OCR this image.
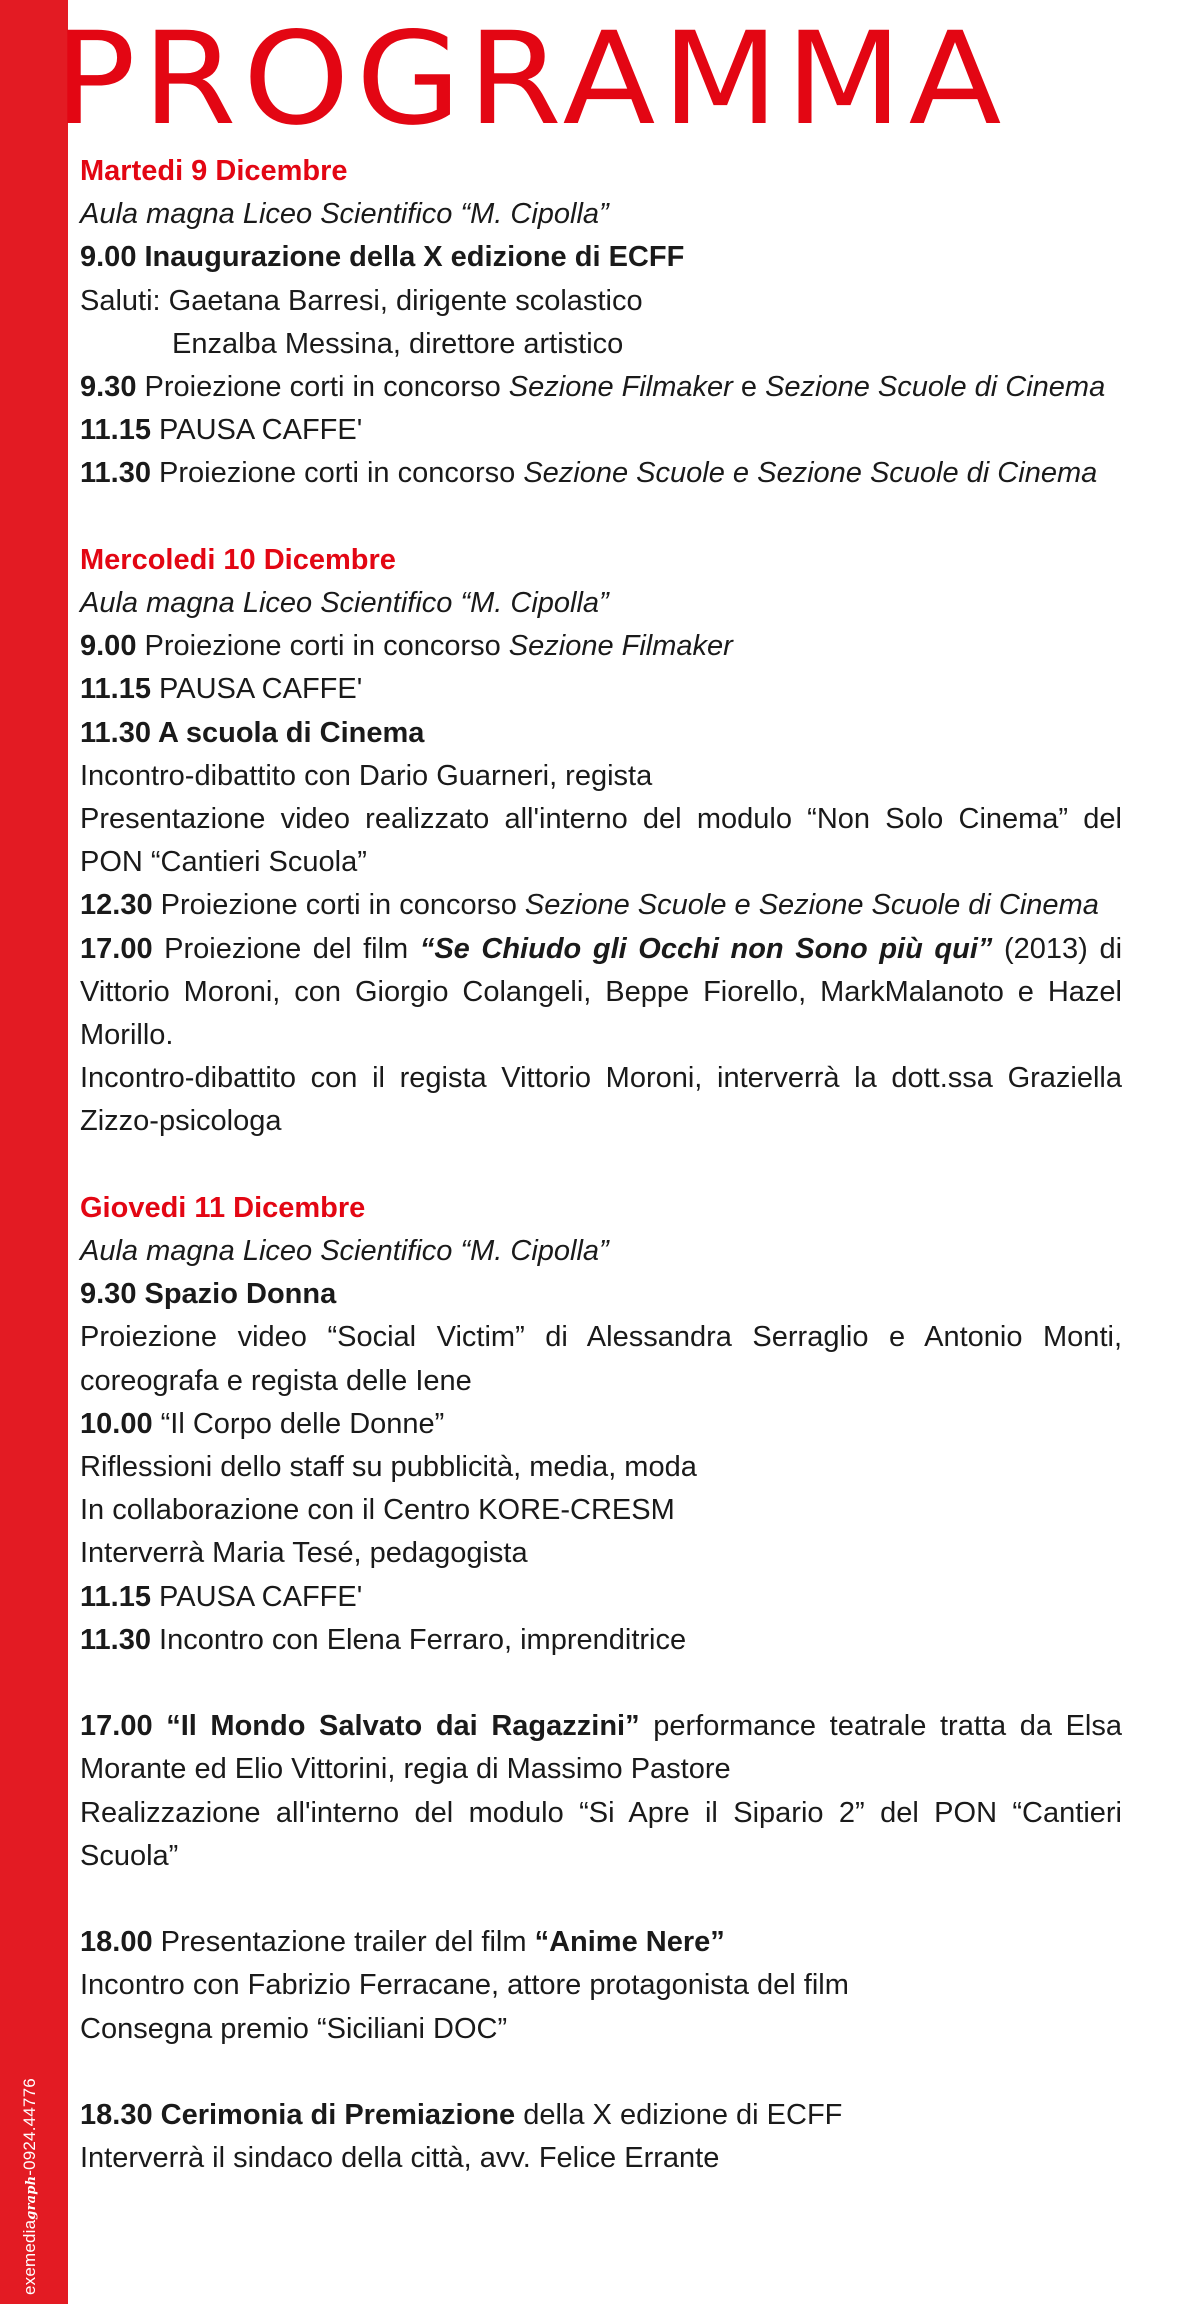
exemediagraph-0924.44776
PROGRAMMA
Martedi 9 Dicembre
Aula magna Liceo Scientifico “M. Cipolla”
9.00 Inaugurazione della X edizione di ECFF
Saluti: Gaetana Barresi, dirigente scolastico
Enzalba Messina, direttore artistico
9.30 Proiezione corti in concorso Sezione Filmaker e Sezione Scuole di Cinema
11.15 PAUSA CAFFE'
11.30 Proiezione corti in concorso Sezione Scuole e Sezione Scuole di Cinema
Mercoledi 10 Dicembre
Aula magna Liceo Scientifico “M. Cipolla”
9.00 Proiezione corti in concorso Sezione Filmaker
11.15 PAUSA CAFFE'
11.30 A scuola di Cinema
Incontro-dibattito con Dario Guarneri, regista
Presentazione video realizzato all'interno del modulo “Non Solo Cinema” del PON “Cantieri Scuola”
12.30 Proiezione corti in concorso Sezione Scuole e Sezione Scuole di Cinema
17.00 Proiezione del film “Se Chiudo gli Occhi non Sono più qui” (2013) di Vittorio Moroni, con Giorgio Colangeli, Beppe Fiorello, MarkMalanoto e Hazel Morillo.
Incontro-dibattito con il regista Vittorio Moroni, interverrà la dott.ssa Graziella Zizzo-psicologa
Giovedi 11 Dicembre
Aula magna Liceo Scientifico “M. Cipolla”
9.30 Spazio Donna
Proiezione video “Social Victim” di Alessandra Serraglio e Antonio Monti, coreografa e regista delle Iene
10.00 “Il Corpo delle Donne”
Riflessioni dello staff su pubblicità, media, moda
In collaborazione con il Centro KORE-CRESM
Interverrà Maria Tesé, pedagogista
11.15 PAUSA CAFFE'
11.30 Incontro con Elena Ferraro, imprenditrice
17.00 “Il Mondo Salvato dai Ragazzini” performance teatrale tratta da Elsa Morante ed Elio Vittorini, regia di Massimo Pastore
Realizzazione all'interno del modulo “Si Apre il Sipario 2” del PON “Cantieri Scuola”
18.00 Presentazione trailer del film “Anime Nere”
Incontro con Fabrizio Ferracane, attore protagonista del film
Consegna premio “Siciliani DOC”
18.30 Cerimonia di Premiazione della X edizione di ECFF
Interverrà il sindaco della città, avv. Felice Errante
